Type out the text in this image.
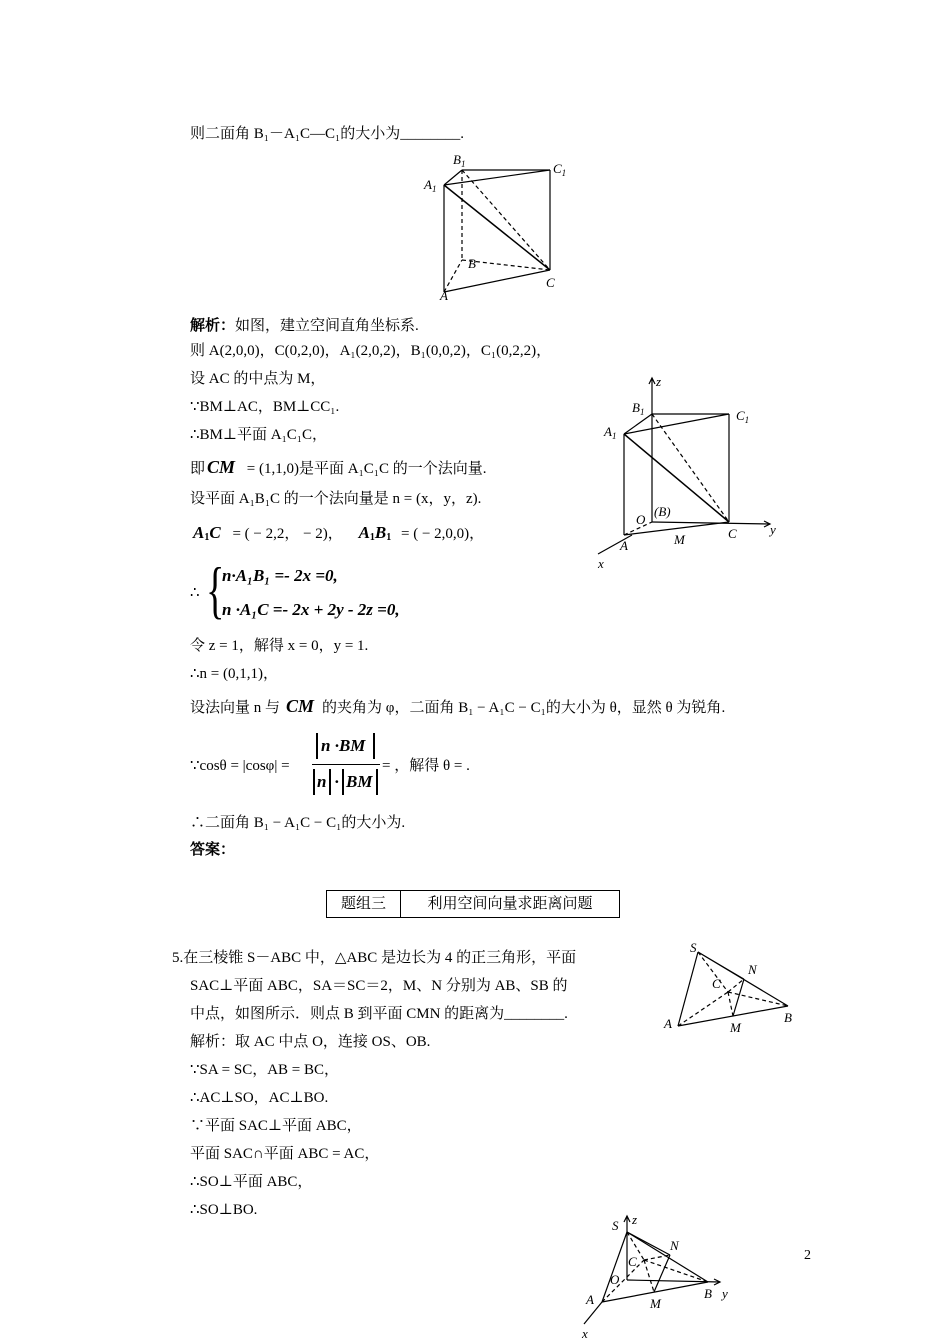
则二面角 B₁－A₁C—C₁的大小为________.
$B_1$	$C_1$
$A_1$
B
C
A
解析：如图，建立空间直角坐标系.
则 A(2,0,0)，C(0,2,0)，A₁(2,0,2)，B₁(0,0,2)，C₁(0,2,2)，
设 AC 的中点为 M，
∵BM⊥AC，BM⊥CC₁.
∴BM⊥平面 A₁C₁C，
即 CM = (1,1,0)是平面 A₁C₁C 的一个法向量.
设平面 A₁B₁C 的一个法向量是 n = (x，y，z).
$A_1C$ = ( − 2,2， − 2)， $A_1B_1$ = ( − 2,0,0)，
∴ {
n·A₁B₁ =- 2x =0,
n ·A₁C =- 2x + 2y - 2z =0,
令 z = 1，解得 x = 0，y = 1.
∴n = (0,1,1)，
设法向量 n 与 CM 的夹角为 φ，二面角 B₁ − A₁C − C₁的大小为 θ，显然 θ 为锐角.
∵cosθ = |cosφ| =
n ·BM
n · BM
= ，解得 θ = .
∴二面角 B₁ − A₁C − C₁的大小为.
答案：
z
$B_1$	$C_1$
$A_1$
O
(B)
C	y
A	M
x
题组三	利用空间向量求距离问题
5.在三棱锥 S－ABC 中，△ABC 是边长为 4 的正三角形，平面
SAC⊥平面 ABC，SA＝SC＝2，M、N 分别为 AB、SB 的
中点，如图所示．则点 B 到平面 CMN 的距离为________.
解析：取 AC 中点 O，连接 OS、OB.
∵SA = SC，AB = BC，
∴AC⊥SO，AC⊥BO.
∵平面 SAC⊥平面 ABC，
平面 SAC∩平面 ABC = AC，
∴SO⊥平面 ABC，
∴SO⊥BO.
S
N
C
A	M
B
z
S
N
C
O
A	M
B y
x
2
